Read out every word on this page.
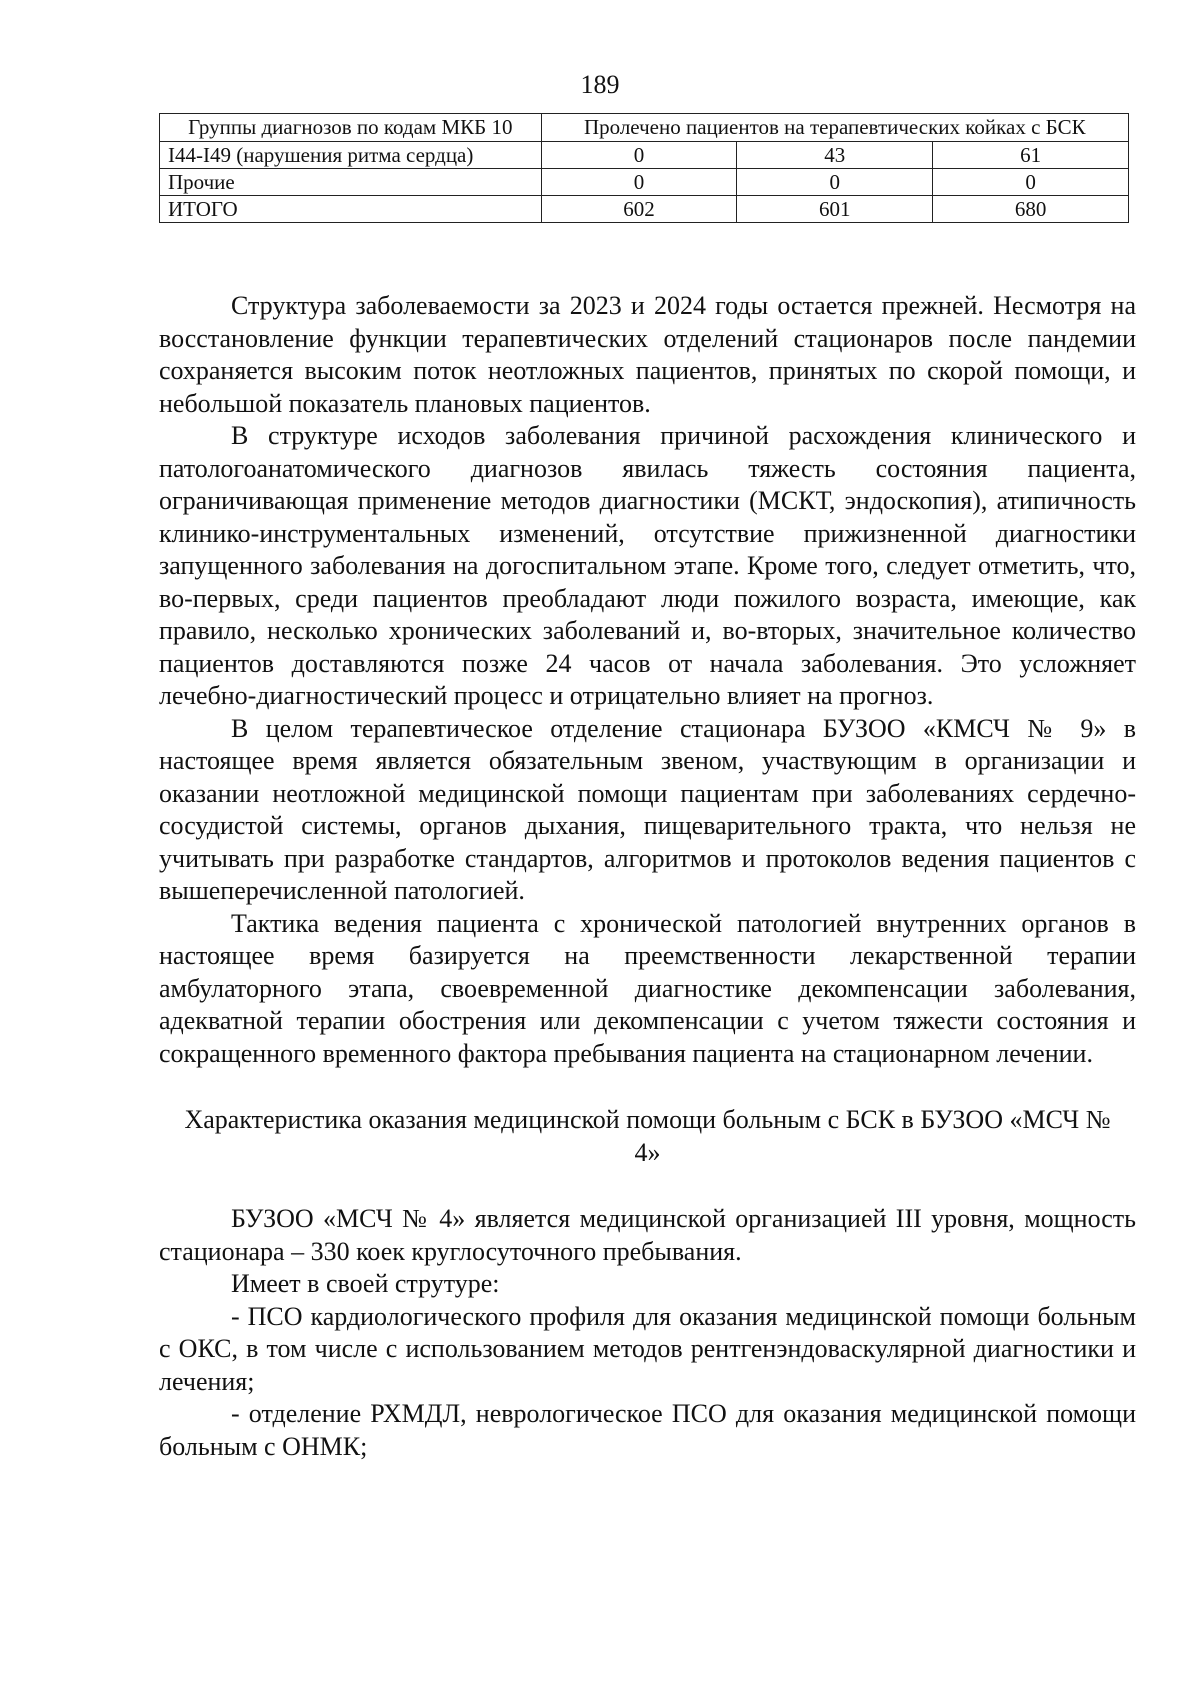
189
Группы диагнозов по кодам МКБ 10	Пролечено пациентов на терапевтических койках с БСК		
I44-I49 (нарушения ритма сердца)	0	43	61
Прочие	0	0	0
ИТОГО	602	601	680

Структура заболеваемости за 2023 и 2024 годы остается прежней. Несмотря на восстановление функции терапевтических отделений стационаров после пандемии сохраняется высоким поток неотложных пациентов, принятых по скорой помощи, и небольшой показатель плановых пациентов.

В структуре исходов заболевания причиной расхождения клинического и патологоанатомического диагнозов явилась тяжесть состояния пациента, ограничивающая применение методов диагностики (МСКТ, эндоскопия), атипичность клинико-инструментальных изменений, отсутствие прижизненной диагностики запущенного заболевания на догоспитальном этапе. Кроме того, следует отметить, что, во-первых, среди пациентов преобладают люди пожилого возраста, имеющие, как правило, несколько хронических заболеваний и, во-вторых, значительное количество пациентов доставляются позже 24 часов от начала заболевания. Это усложняет лечебно-диагностический процесс и отрицательно влияет на прогноз.

В целом терапевтическое отделение стационара БУЗОО «КМСЧ № 9» в настоящее время является обязательным звеном, участвующим в организации и оказании неотложной медицинской помощи пациентам при заболеваниях сердечно-сосудистой системы, органов дыхания, пищеварительного тракта, что нельзя не учитывать при разработке стандартов, алгоритмов и протоколов ведения пациентов с вышеперечисленной патологией.

Тактика ведения пациента с хронической патологией внутренних органов в настоящее время базируется на преемственности лекарственной терапии амбулаторного этапа, своевременной диагностике декомпенсации заболевания, адекватной терапии обострения или декомпенсации с учетом тяжести состояния и сокращенного временного фактора пребывания пациента на стационарном лечении.

Характеристика оказания медицинской помощи больным с БСК в БУЗОО «МСЧ № 4»

БУЗОО «МСЧ № 4» является медицинской организацией III уровня, мощность стационара – 330 коек круглосуточного пребывания.

Имеет в своей струтуре:

- ПСО кардиологического профиля для оказания медицинской помощи больным с ОКС, в том числе с использованием методов рентгенэндоваскулярной диагностики и лечения;

- отделение РХМДЛ, неврологическое ПСО для оказания медицинской помощи больным с ОНМК;
